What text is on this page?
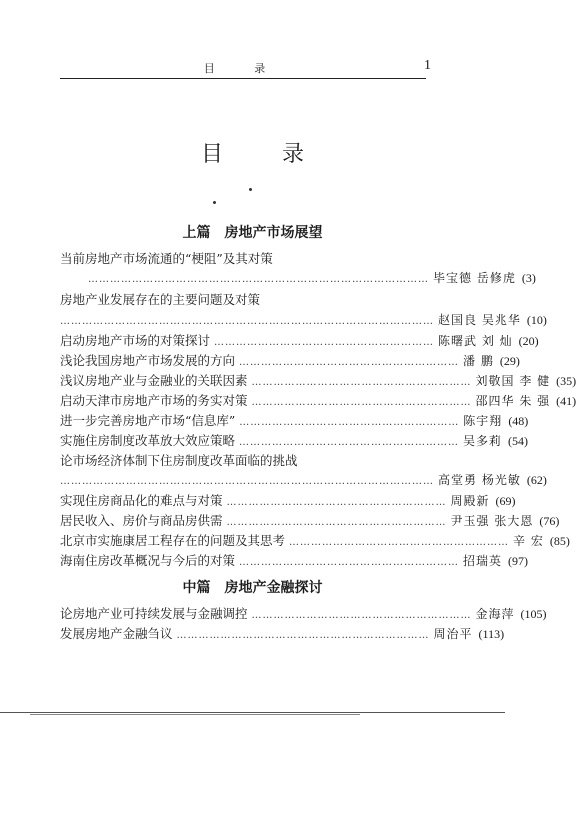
目 录	1
目 录
上篇 房地产市场展望
当前房地产市场流通的“梗阻”及其对策
………………………………………………………………………………… 毕宝德 岳修虎 (3)
房地产业发展存在的主要问题及对策
………………………………………………………………………………………… 赵国良 吴兆华 (10)
启动房地产市场的对策探讨 …………………………………………………… 陈曙武 刘 灿 (20)
浅论我国房地产市场发展的方向 …………………………………………………… 潘 鹏 (29)
浅议房地产业与金融业的关联因素 …………………………………………………… 刘敬国 李 健 (35)
启动天津市房地产市场的务实对策 …………………………………………………… 邵四华 朱 强 (41)
进一步完善房地产市场“信息库” …………………………………………………… 陈宇翔 (48)
实施住房制度改革放大效应策略 …………………………………………………… 吴多莉 (54)
论市场经济体制下住房制度改革面临的挑战
………………………………………………………………………………………… 高堂勇 杨光敏 (62)
实现住房商品化的难点与对策 …………………………………………………… 周殿新 (69)
居民收入、房价与商品房供需 …………………………………………………… 尹玉强 张大恩 (76)
北京市实施康居工程存在的问题及其思考 …………………………………………………… 辛 宏 (85)
海南住房改革概况与今后的对策 …………………………………………………… 招瑞英 (97)
中篇 房地产金融探讨
论房地产业可持续发展与金融调控 …………………………………………………… 金海萍 (105)
发展房地产金融刍议 …………………………………………………………… 周治平 (113)
